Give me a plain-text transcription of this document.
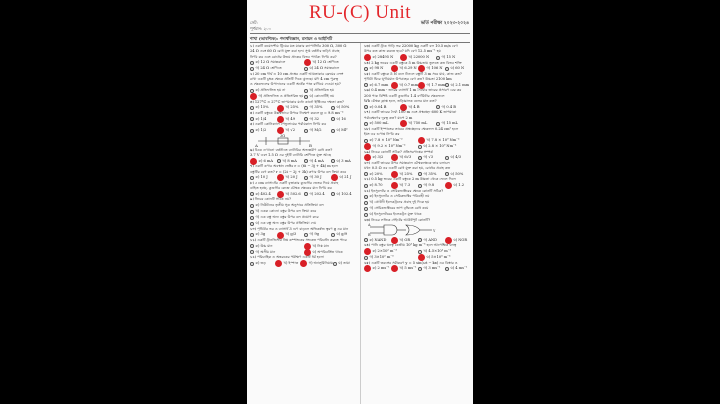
RU-(C) Unit
সেট:
পূর্ণমান: ২০০
ভর্তি পরীক্ষা ২০২৩-২০২৪
শাখা (আবশ্যিক): পদার্থবিজ্ঞান, রসায়ন ও আইসিটি
১। একটি ত্রয়োদশীয় ট্রিমের মত মাত্রার ক্যাপাসিটর 300 Ω, 300 Ω
24 Ω এবং 60 Ω রোধ যুক্ত করা হল। সুপ্ত বর্তনীর তড়িৎ প্রবাহ
নির্ণয় কর এবং রোধের উভয় প্রান্তের বিভব পার্থক্য নির্ণয় কর?
ক) 12 Ω সমান্তরালে	খ) 12 Ω শ্রেণিতে
গ) 24 Ω শ্রেণিতে	ঘ) 24 Ω সমান্তরালে
২। 20 cm দীর্ঘ ও 10 cm প্রস্থের একটি আয়তাকার ফ্রেমের লেন্স
রাখা একটি চুম্বক ক্ষেত্রে প্রতিটি দিকে ঝুলছে। যদি 4 cm পুরুত্ব
ও ক্ষেত্রফলের উপাদানের একটি অর্ধেক পাত রাখিয়ে দেওয়া হয়?
ক) প্রতিফলিত হয় না	খ) প্রতিসরিত হয়
গ) প্রতিফলিত ও প্রতিসরিত হয় ঘ) কোনোটিই নয়
৩। 127°C ও 27°C তাপমাত্রার মধ্যে কার্নো ইঞ্জিনের দক্ষতা কত?
ক) 15%	খ) 25%	গ) 35%	ঘ) 50%
৪। একটি বস্তুকে উল্লম্বভাবে উপরে নিক্ষেপ করলে g = 9.8 ms⁻²
ক) 1/4	খ) 49	গ) 32	ঘ) 16
৫। একটি কোনিক্যাল পেন্ডুলামের পর্যায়কাল নির্ণয় কর
ক) 1/2	খ) √2	গ) M/2	ঘ) Ml²
A
3Ω
B
৬। চিত্রে দেখানো বর্তনীতে ব্যাটারির অভ্যন্তরীণ রোধ কত?
3.7 V এবং 1.5 Ω এর দুইটি ব্যাটারি শ্রেণিতে যুক্ত আছে
ক) 6 mA	খ) 8 mA	গ) 4 mA	ঘ) 3 mA
৭। একটি কণার অবস্থান ভেক্টর r = (6i − 3j + 4k) m হলে
বস্তুটির বেগ কত? r = (2i − 2j + 3k) কণার উপর বল ক্রিয়া করে
ক) 10 J	খ) 20 J	গ) 30 J	ঘ) 21 J
৮। ৫ cm ব্যাসার্ধের একটি বৃত্তাকার কুণ্ডলীর ভেতর দিয়ে প্রবাহ
বাহিত হচ্ছে, কুণ্ডলীর কেন্দ্রে চৌম্বক ক্ষেত্রের মান নির্ণয় কর
ক) 402.4	খ) 502.6 গ) 202.4	ঘ) 102.4
৯। নিচের কোনটি সঠিক নয়?
ক) নিউটনের তৃতীয় সূত্র অনুসারে প্রতিক্রিয়া বল
খ) একক কোনো বস্তুর উপর বল ক্রিয়া করে
গ) এক বস্তু অন্য বস্তুর উপর বল প্রয়োগ করে
ঘ) এক বস্তু অন্য বস্তুর উপর প্রতিক্রিয়া দেয়
১০। পৃথিবীর ভর ও ব্যাসার্ধ 3 গুণ বাড়লে অভিকর্ষজ ত্বরণ g এর মান
ক) 3g	খ) g/3	গ) 9g	ঘ) g/9
১১। একটি ট্রানজিস্টর নিম্ন কম্পাংকের সংকেত পরিবর্ধন করতে পারে
ক) উচ্চ মান	খ) নিম্ন মান
গ) অসীম মান	ঘ) অপরিবর্তিত থাকে
১২। পরিবাহিক ও অন্তরকের পরীক্ষণ একটি ধর্ম হলো
ক) তড়	খ) ইস্পাত	গ) অ্যালুমিনিয়াম ঘ) তামা
১৩। একটি ট্রাক গাড়ি ভর 22000 kg একটি বল 10.5 m/s বেগ
উপর কত কাজ করতে হবে? যদি বেগ 12.5 ms⁻¹ হয়
ক) 28495 N	খ) 22000 N	গ) 15 N
১৪। 2 kg ভরের একটি বস্তুকে 5 m উচ্চতায় তুলতে কত বিভব শক্তি
ক) 98 N	খ) 6.29 N	গ) 106 N ঘ) 60 N
১৫। একটি বস্তুকে 5 N বলে টানলে বস্তুটি 3 m সরে যায়, কাজ কত?
পৃথিবী ঘিরে ঘূর্ণায়মান উপগ্রহের বেগ কত? উচ্চতা 2100 km
ক) 6.7 mm	খ) 0.7 mm গ) 1.7 mm ঘ) 2.1 mm
১৬। 0.4 mm - তারের ব্যাসার্ধ 1 m দৈর্ঘ্যের তারের প্রসারণ বের কর
200 পাক বিশিষ্ট একটি কুণ্ডলীর 1.4 বর্গমিটার ক্ষেত্রফলে
Wb চৌম্বক ফ্লাক্স হলে, তড়িচ্চালক বলের মান কত?
ক) 0.04 B	খ) 4 B	গ) 0.4 B
১৭। একটি তারের দৈর্ঘ্য 100 m এবং প্রস্থচ্ছেদ 600 K তাপমাত্রা
পর্যবেক্ষণের দূরত্ব কত? মাপে 2 m
ক) 500 mL	খ) 750 mL	গ) 15 mL
১৮। একটি ইস্পাতের তারের প্রস্থচ্ছেদের ক্ষেত্রফল 0.24 cm² হলে
ইয়ং এর গুণাঙ্ক নির্ণয় কর
ক) 7.8 × 10⁹ Nm⁻²	খ) 7.8 × 10⁹ Nm⁻²
গ) 9.2 × 10⁹ Nm⁻²	ঘ) 2.8 × 10⁹ Nm⁻²
১৯। নিচের কোনটি সঠিক? প্রতিসরণাঙ্কের সম্পর্ক
ক) 3/2	খ) 6√3	গ) √3	ঘ) 4/3
২০। একটি তারের উপর সমান্তরাল চৌম্বকক্ষেত্রে তার চলাচল
যখন 0.5 Ω এর একটি রোধ যুক্ত করা হয়, রোধের প্রবাহ কত
ক) 20%	খ) 25%	গ) 35%	ঘ) 50%
২১। 0.5 kg ভরের একটি বস্তুকে 2 m উচ্চতা থেকে ফেলে দিলে
ক) 8.70	খ) 7.3	গ) 9.8	ঘ) 1.2
২২। ইনসুলেটর ও সেমিকন্ডাক্টরের ক্ষেত্রে কোনটি সঠিক?
ক) ইনসুলেটর ও সেমিকন্ডাক্টর পরিবাহী নয়
খ) প্রোটনী ইলেকট্রনের প্রবাহ দুই দিকে হয়
গ) সেমিকন্ডাক্টরের তাপ বৃদ্ধিতে রোধ কমে
ঘ) ইনসুলেটরের ইলেকট্রন মুক্ত থাকে
২৩। নিচের লজিক গেইটের আউটপুট কোনটি?
A
B
Y
ক) NAND	খ) OR	গ) AND	ঘ) NOR
২৪। পানি বস্তুর ঘনত্ব কেন্দ্রীয় 10³ kg m⁻³ হলে আপেক্ষিক ঘনত্ব
ক) 2×10² m⁻³	খ) 4.5×10² m⁻³
গ) 3×10² m⁻³	ঘ) 5×10³ m⁻³
২৫। একটি তরঙ্গের সমীকরণ y = 5 sin(ωt − kx) এর বিস্তার ও
ক) 2 ms⁻¹	খ) 5 ms⁻¹ গ) 3 ms⁻¹	ঘ) 4 ms⁻¹
